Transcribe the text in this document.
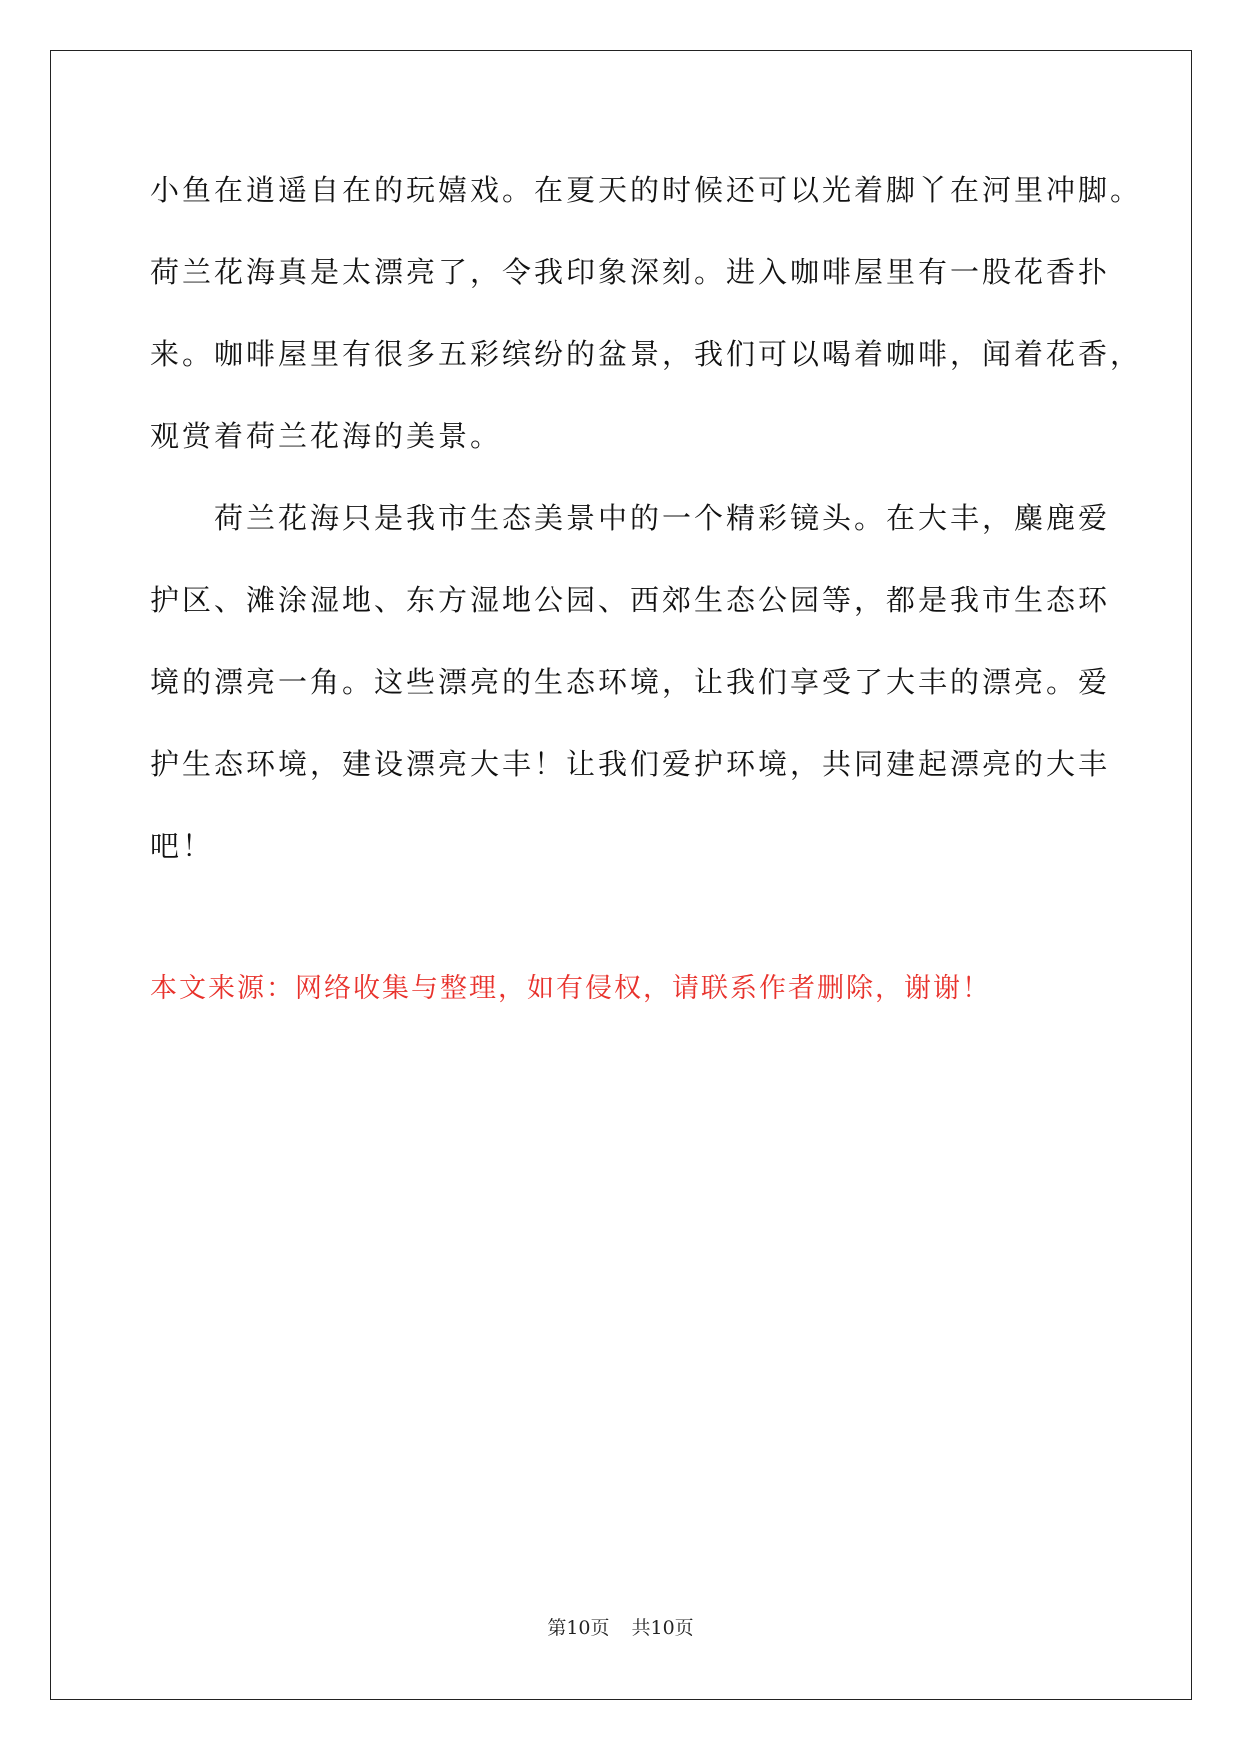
小鱼在逍遥自在的玩嬉戏。在夏天的时候还可以光着脚丫在河里冲脚。
荷兰花海真是太漂亮了，令我印象深刻。进入咖啡屋里有一股花香扑
来。咖啡屋里有很多五彩缤纷的盆景，我们可以喝着咖啡，闻着花香，
观赏着荷兰花海的美景。
荷兰花海只是我市生态美景中的一个精彩镜头。在大丰，麋鹿爱
护区、滩涂湿地、东方湿地公园、西郊生态公园等，都是我市生态环
境的漂亮一角。这些漂亮的生态环境，让我们享受了大丰的漂亮。爱
护生态环境，建设漂亮大丰！让我们爱护环境，共同建起漂亮的大丰
吧！
本文来源：网络收集与整理，如有侵权，请联系作者删除，谢谢！
第10页 共10页
